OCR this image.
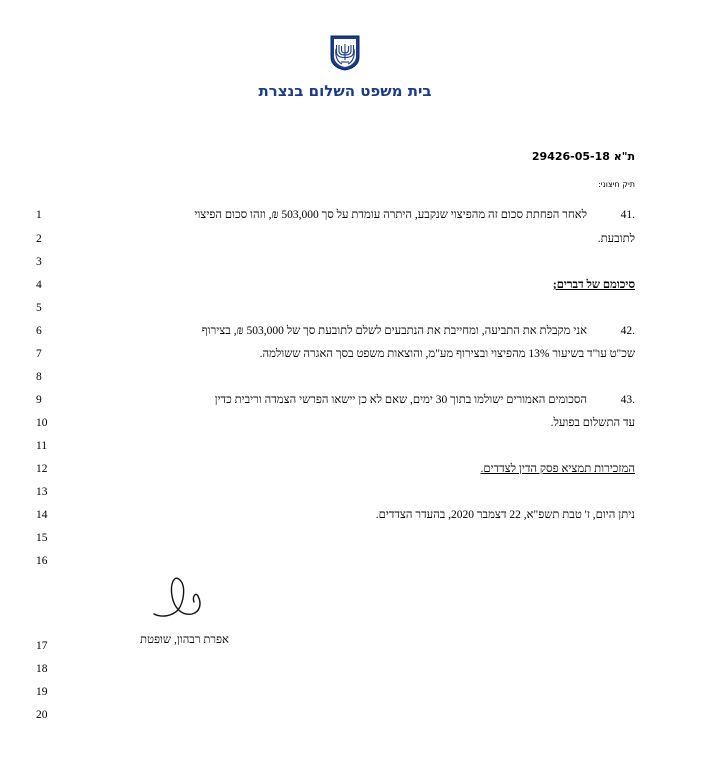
בית משפט השלום בנצרת
ת"א 29426-05-18
תיק חיצוני:
1
2
3
4
5
6
7
8
9
10
11
12
13
14
15
16
17
18
19
20
.41לאחר הפחתת סכום זה מהפיצוי שנקבע, היתרה עומדת על סך 503,000 ₪, וזהו סכום הפיצוי
לתובעת.
סיכומם של דברים;
.42אני מקבלת את התביעה, ומחייבת את הנתבעים לשלם לתובעת סך של 503,000 ₪, בצירוף
שכ"ט עו"ד בשיעור 13% מהפיצוי ובצירוף מע"מ, והוצאות משפט בסך האגרה ששולמה.
.43הסכומים האמורים ישולמו בתוך 30 ימים, שאם לא כן יישאו הפרשי הצמדה וריבית כדין
עד התשלום בפועל.
המזכירות תמציא פסק הדין לצדדים.
ניתן היום, ז' טבת תשפ"א, 22 דצמבר 2020, בהעדר הצדדים.
אפרת רבהון, שופטת
